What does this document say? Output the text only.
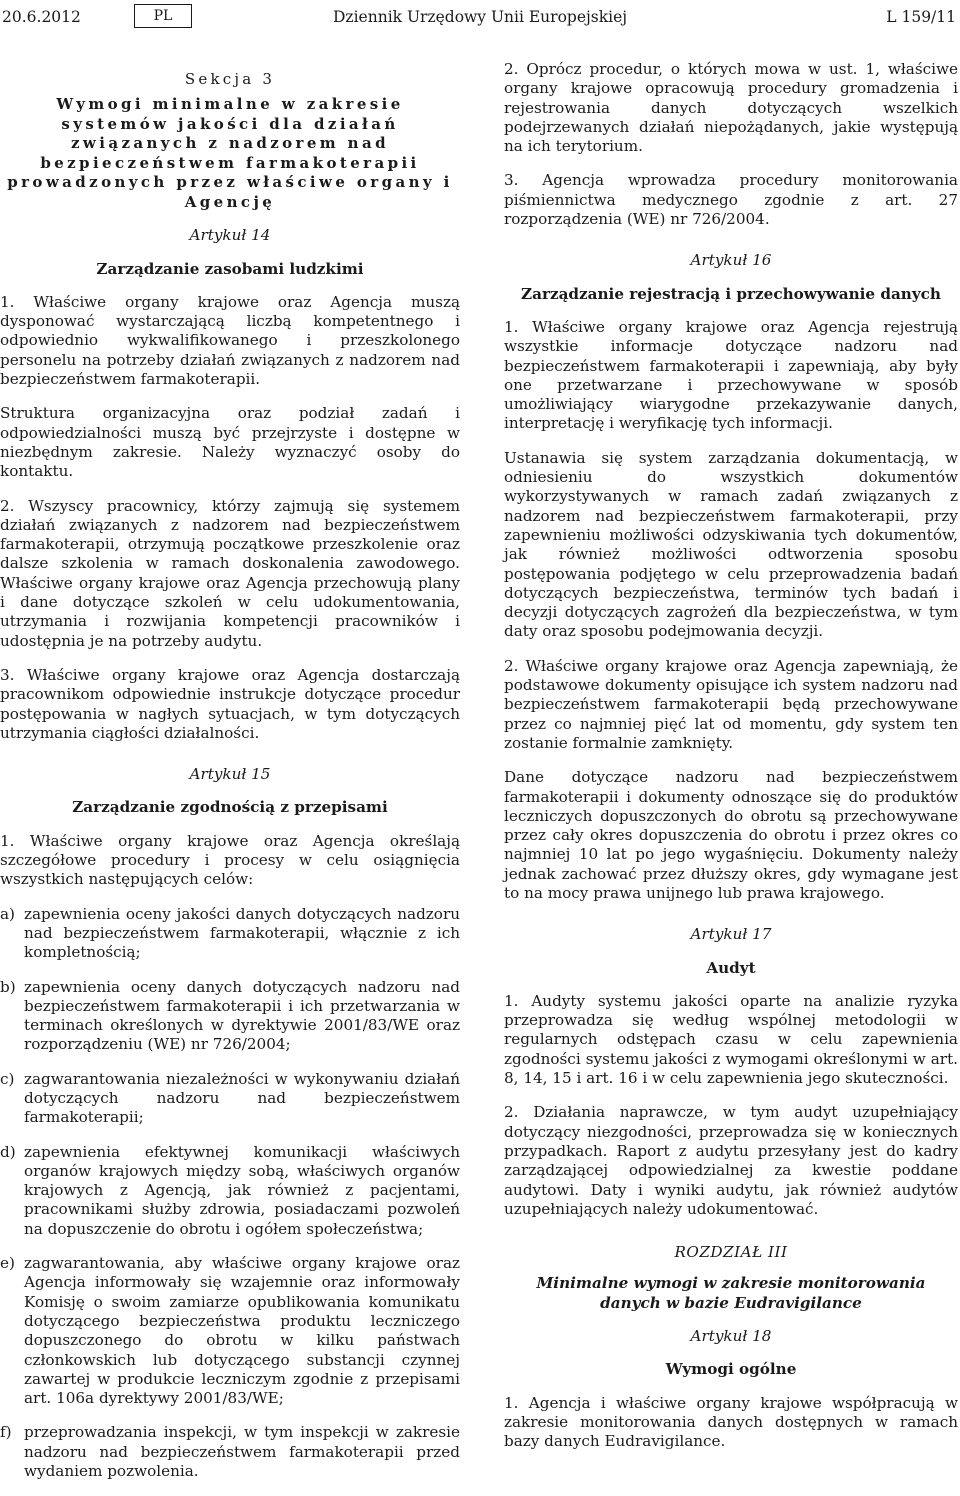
20.6.2012	PL	Dziennik Urzędowy Unii Europejskiej	L 159/11
Sekcja 3
Wymogi minimalne w zakresie systemów jakości dla działań związanych z nadzorem nad bezpieczeństwem farmakoterapii prowadzonych przez właściwe organy i Agencję
Artykuł 14
Zarządzanie zasobami ludzkimi

1. Właściwe organy krajowe oraz Agencja muszą dysponować wystarczającą liczbą kompetentnego i odpowiednio wykwalifikowanego i przeszkolonego personelu na potrzeby działań związanych z nadzorem nad bezpieczeństwem farmakoterapii.

Struktura organizacyjna oraz podział zadań i odpowiedzialności muszą być przejrzyste i dostępne w niezbędnym zakresie. Należy wyznaczyć osoby do kontaktu.

2. Wszyscy pracownicy, którzy zajmują się systemem działań związanych z nadzorem nad bezpieczeństwem farmakoterapii, otrzymują początkowe przeszkolenie oraz dalsze szkolenia w ramach doskonalenia zawodowego. Właściwe organy krajowe oraz Agencja przechowują plany i dane dotyczące szkoleń w celu udokumentowania, utrzymania i rozwijania kompetencji pracowników i udostępnia je na potrzeby audytu.

3. Właściwe organy krajowe oraz Agencja dostarczają pracownikom odpowiednie instrukcje dotyczące procedur postępowania w nagłych sytuacjach, w tym dotyczących utrzymania ciągłości działalności.

Artykuł 15
Zarządzanie zgodnością z przepisami

1. Właściwe organy krajowe oraz Agencja określają szczegółowe procedury i procesy w celu osiągnięcia wszystkich następujących celów:

a) zapewnienia oceny jakości danych dotyczących nadzoru nad bezpieczeństwem farmakoterapii, włącznie z ich kompletnością;
b) zapewnienia oceny danych dotyczących nadzoru nad bezpieczeństwem farmakoterapii i ich przetwarzania w terminach określonych w dyrektywie 2001/83/WE oraz rozporządzeniu (WE) nr 726/2004;
c) zagwarantowania niezależności w wykonywaniu działań dotyczących nadzoru nad bezpieczeństwem farmakoterapii;
d) zapewnienia efektywnej komunikacji właściwych organów krajowych między sobą, właściwych organów krajowych z Agencją, jak również z pacjentami, pracownikami służby zdrowia, posiadaczami pozwoleń na dopuszczenie do obrotu i ogółem społeczeństwa;
e) zagwarantowania, aby właściwe organy krajowe oraz Agencja informowały się wzajemnie oraz informowały Komisję o swoim zamiarze opublikowania komunikatu dotyczącego bezpieczeństwa produktu leczniczego dopuszczonego do obrotu w kilku państwach członkowskich lub dotyczącego substancji czynnej zawartej w produkcie leczniczym zgodnie z przepisami art. 106a dyrektywy 2001/83/WE;
f) przeprowadzania inspekcji, w tym inspekcji w zakresie nadzoru nad bezpieczeństwem farmakoterapii przed wydaniem pozwolenia.

2. Oprócz procedur, o których mowa w ust. 1, właściwe organy krajowe opracowują procedury gromadzenia i rejestrowania danych dotyczących wszelkich podejrzewanych działań niepożądanych, jakie występują na ich terytorium.

3. Agencja wprowadza procedury monitorowania piśmiennictwa medycznego zgodnie z art. 27 rozporządzenia (WE) nr 726/2004.

Artykuł 16
Zarządzanie rejestracją i przechowywanie danych

1. Właściwe organy krajowe oraz Agencja rejestrują wszystkie informacje dotyczące nadzoru nad bezpieczeństwem farmakoterapii i zapewniają, aby były one przetwarzane i przechowywane w sposób umożliwiający wiarygodne przekazywanie danych, interpretację i weryfikację tych informacji.

Ustanawia się system zarządzania dokumentacją, w odniesieniu do wszystkich dokumentów wykorzystywanych w ramach zadań związanych z nadzorem nad bezpieczeństwem farmakoterapii, przy zapewnieniu możliwości odzyskiwania tych dokumentów, jak również możliwości odtworzenia sposobu postępowania podjętego w celu przeprowadzenia badań dotyczących bezpieczeństwa, terminów tych badań i decyzji dotyczących zagrożeń dla bezpieczeństwa, w tym daty oraz sposobu podejmowania decyzji.

2. Właściwe organy krajowe oraz Agencja zapewniają, że podstawowe dokumenty opisujące ich system nadzoru nad bezpieczeństwem farmakoterapii będą przechowywane przez co najmniej pięć lat od momentu, gdy system ten zostanie formalnie zamknięty.

Dane dotyczące nadzoru nad bezpieczeństwem farmakoterapii i dokumenty odnoszące się do produktów leczniczych dopuszczonych do obrotu są przechowywane przez cały okres dopuszczenia do obrotu i przez okres co najmniej 10 lat po jego wygaśnięciu. Dokumenty należy jednak zachować przez dłuższy okres, gdy wymagane jest to na mocy prawa unijnego lub prawa krajowego.

Artykuł 17
Audyt

1. Audyty systemu jakości oparte na analizie ryzyka przeprowadza się według wspólnej metodologii w regularnych odstępach czasu w celu zapewnienia zgodności systemu jakości z wymogami określonymi w art. 8, 14, 15 i art. 16 i w celu zapewnienia jego skuteczności.

2. Działania naprawcze, w tym audyt uzupełniający dotyczący niezgodności, przeprowadza się w koniecznych przypadkach. Raport z audytu przesyłany jest do kadry zarządzającej odpowiedzialnej za kwestie poddane audytowi. Daty i wyniki audytu, jak również audytów uzupełniających należy udokumentować.

ROZDZIAŁ III
Minimalne wymogi w zakresie monitorowania danych w bazie Eudravigilance
Artykuł 18
Wymogi ogólne

1. Agencja i właściwe organy krajowe współpracują w zakresie monitorowania danych dostępnych w ramach bazy danych Eudravigilance.
